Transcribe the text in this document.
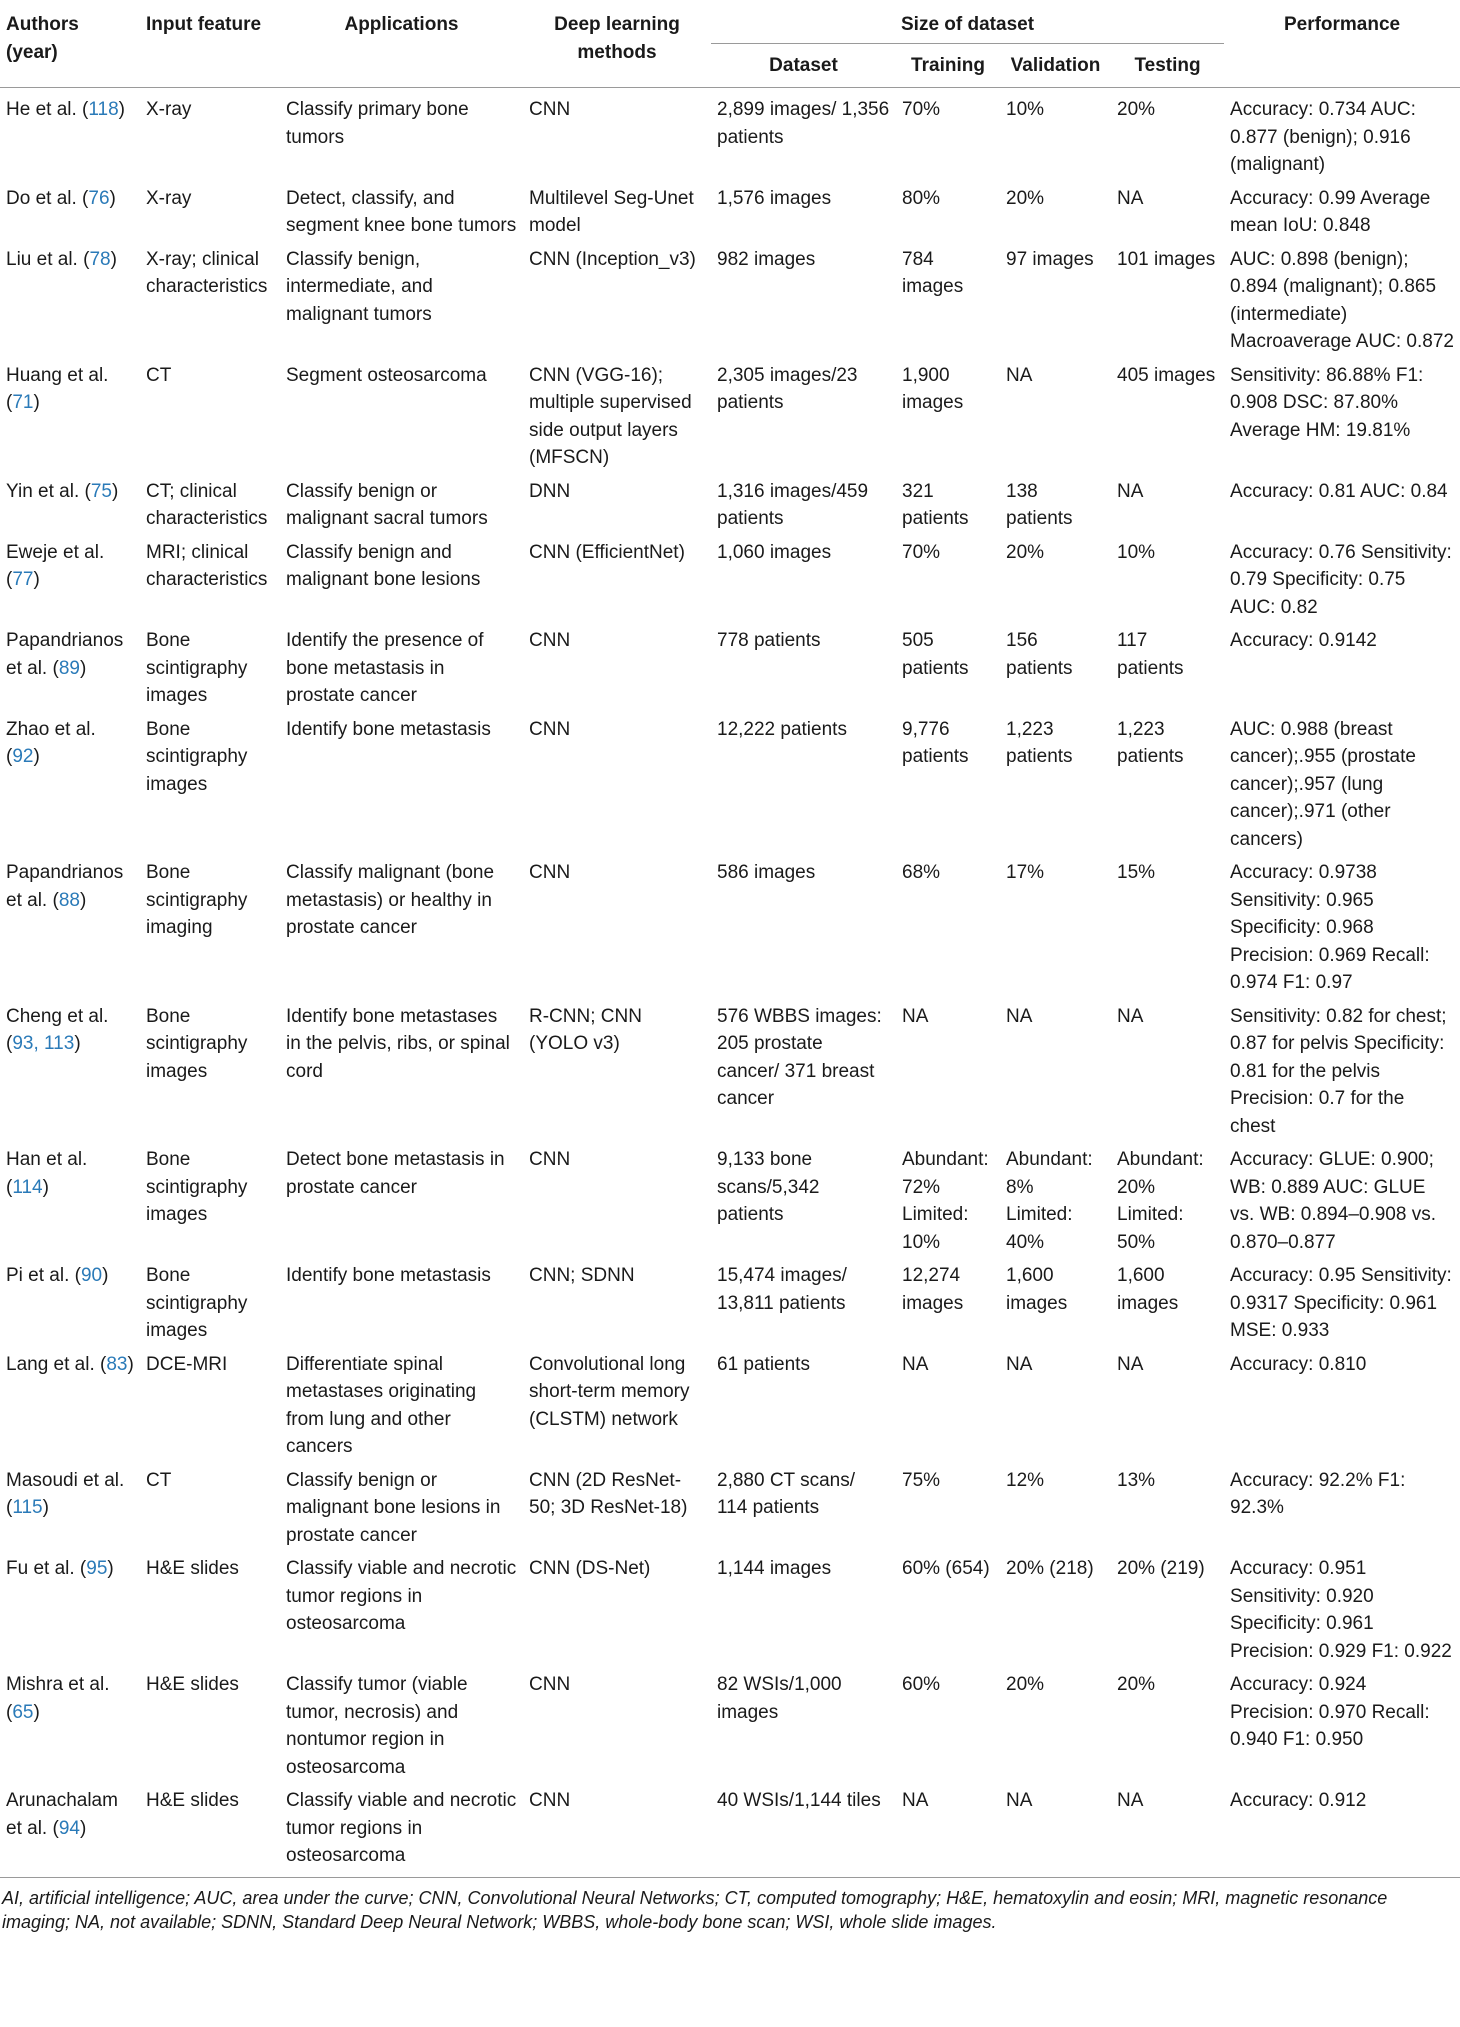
Authors (year)	Input feature	Applications	Deep learning methods	Size of dataset				Performance
				Dataset	Training	Validation	Testing	
He et al. (118)	X-ray	Classify primary bone tumors	CNN	2,899 images/ 1,356 patients	70%	10%	20%	Accuracy: 0.734 AUC: 0.877 (benign); 0.916 (malignant)
Do et al. (76)	X-ray	Detect, classify, and segment knee bone tumors	Multilevel Seg-Unet model	1,576 images	80%	20%	NA	Accuracy: 0.99 Average mean IoU: 0.848
Liu et al. (78)	X-ray; clinical characteristics	Classify benign, intermediate, and malignant tumors	CNN (Inception_v3)	982 images	784 images	97 images	101 images	AUC: 0.898 (benign); 0.894 (malignant); 0.865 (intermediate) Macroaverage AUC: 0.872
Huang et al. (71)	CT	Segment osteosarcoma	CNN (VGG-16); multiple supervised side output layers (MFSCN)	2,305 images/23 patients	1,900 images	NA	405 images	Sensitivity: 86.88% F1: 0.908 DSC: 87.80% Average HM: 19.81%
Yin et al. (75)	CT; clinical characteristics	Classify benign or malignant sacral tumors	DNN	1,316 images/459 patients	321 patients	138 patients	NA	Accuracy: 0.81 AUC: 0.84
Eweje et al. (77)	MRI; clinical characteristics	Classify benign and malignant bone lesions	CNN (EfficientNet)	1,060 images	70%	20%	10%	Accuracy: 0.76 Sensitivity: 0.79 Specificity: 0.75 AUC: 0.82
Papandrianos et al. (89)	Bone scintigraphy images	Identify the presence of bone metastasis in prostate cancer	CNN	778 patients	505 patients	156 patients	117 patients	Accuracy: 0.9142
Zhao et al. (92)	Bone scintigraphy images	Identify bone metastasis	CNN	12,222 patients	9,776 patients	1,223 patients	1,223 patients	AUC: 0.988 (breast cancer);.955 (prostate cancer);.957 (lung cancer);.971 (other cancers)
Papandrianos et al. (88)	Bone scintigraphy imaging	Classify malignant (bone metastasis) or healthy in prostate cancer	CNN	586 images	68%	17%	15%	Accuracy: 0.9738 Sensitivity: 0.965 Specificity: 0.968 Precision: 0.969 Recall: 0.974 F1: 0.97
Cheng et al. (93, 113)	Bone scintigraphy images	Identify bone metastases in the pelvis, ribs, or spinal cord	R-CNN; CNN (YOLO v3)	576 WBBS images: 205 prostate cancer/ 371 breast cancer	NA	NA	NA	Sensitivity: 0.82 for chest; 0.87 for pelvis Specificity: 0.81 for the pelvis Precision: 0.7 for the chest
Han et al. (114)	Bone scintigraphy images	Detect bone metastasis in prostate cancer	CNN	9,133 bone scans/5,342 patients	Abundant: 72% Limited: 10%	Abundant: 8% Limited: 40%	Abundant: 20% Limited: 50%	Accuracy: GLUE: 0.900; WB: 0.889 AUC: GLUE vs. WB: 0.894–0.908 vs. 0.870–0.877
Pi et al. (90)	Bone scintigraphy images	Identify bone metastasis	CNN; SDNN	15,474 images/ 13,811 patients	12,274 images	1,600 images	1,600 images	Accuracy: 0.95 Sensitivity: 0.9317 Specificity: 0.961 MSE: 0.933
Lang et al. (83)	DCE-MRI	Differentiate spinal metastases originating from lung and other cancers	Convolutional long short-term memory (CLSTM) network	61 patients	NA	NA	NA	Accuracy: 0.810
Masoudi et al. (115)	CT	Classify benign or malignant bone lesions in prostate cancer	CNN (2D ResNet-50; 3D ResNet-18)	2,880 CT scans/ 114 patients	75%	12%	13%	Accuracy: 92.2% F1: 92.3%
Fu et al. (95)	H&E slides	Classify viable and necrotic tumor regions in osteosarcoma	CNN (DS-Net)	1,144 images	60% (654)	20% (218)	20% (219)	Accuracy: 0.951 Sensitivity: 0.920 Specificity: 0.961 Precision: 0.929 F1: 0.922
Mishra et al. (65)	H&E slides	Classify tumor (viable tumor, necrosis) and nontumor region in osteosarcoma	CNN	82 WSIs/1,000 images	60%	20%	20%	Accuracy: 0.924 Precision: 0.970 Recall: 0.940 F1: 0.950
Arunachalam et al. (94)	H&E slides	Classify viable and necrotic tumor regions in osteosarcoma	CNN	40 WSIs/1,144 tiles	NA	NA	NA	Accuracy: 0.912
AI, artificial intelligence; AUC, area under the curve; CNN, Convolutional Neural Networks; CT, computed tomography; H&E, hematoxylin and eosin; MRI, magnetic resonance imaging; NA, not available; SDNN, Standard Deep Neural Network; WBBS, whole-body bone scan; WSI, whole slide images.
